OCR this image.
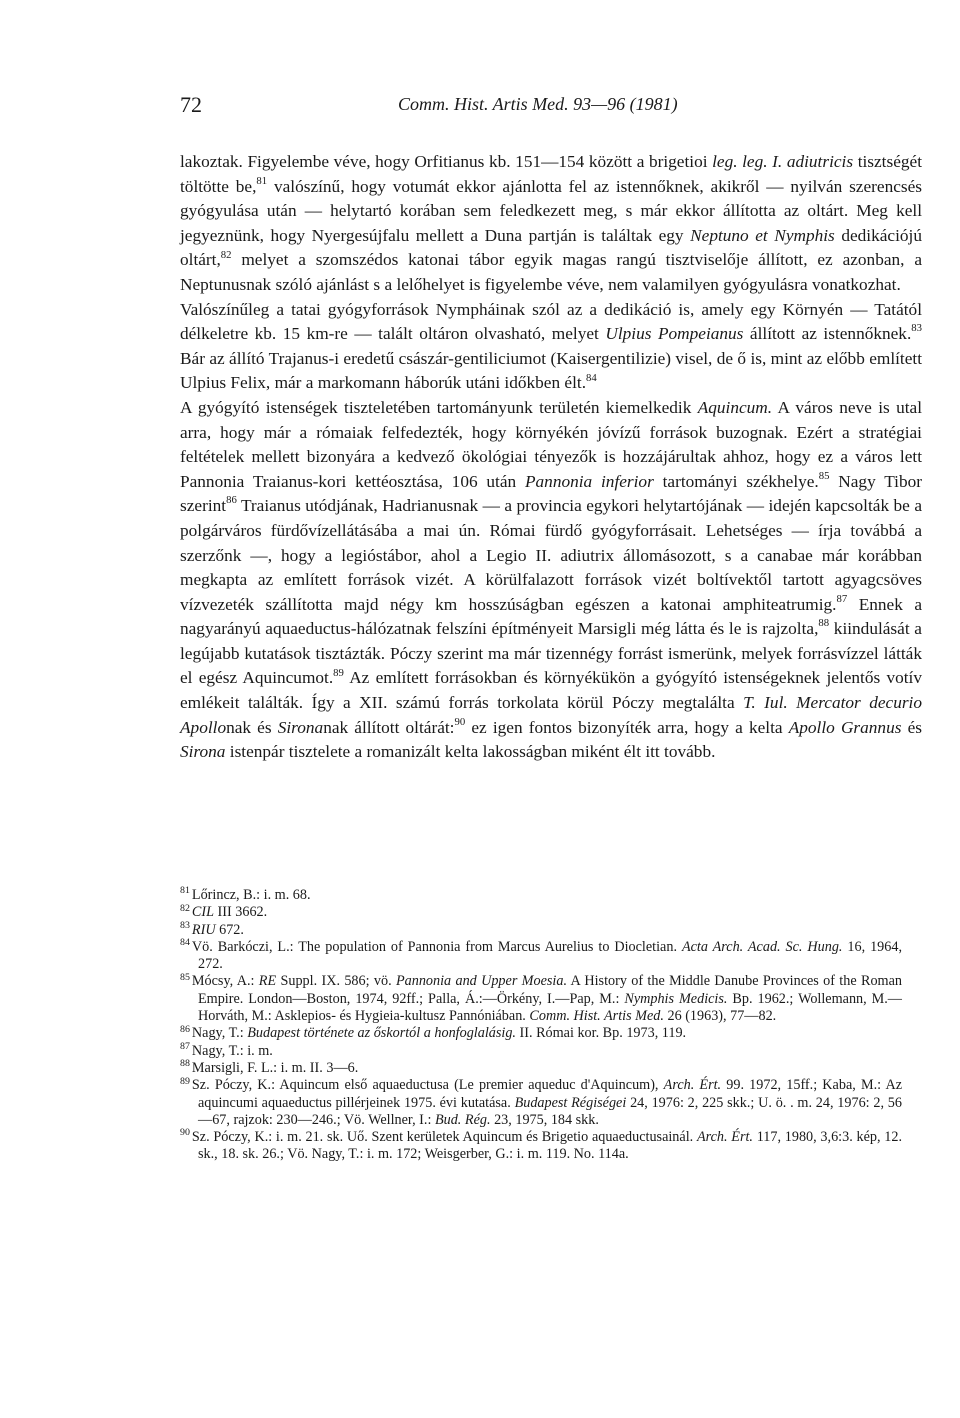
72	Comm. Hist. Artis Med. 93—96 (1981)

lakoztak. Figyelembe véve, hogy Orfitianus kb. 151—154 között a brigetioi leg. leg. I. adiutricis tisztségét töltötte be,$^{81}$ valószínű, hogy votumát ekkor ajánlotta fel az istennőknek, akikről — nyilván szerencsés gyógyulása után — helytartó korában sem feledkezett meg, s már ekkor állította az oltárt. Meg kell jegyeznünk, hogy Nyergesújfalu mellett a Duna partján is találtak egy Neptuno et Nymphis dedikációjú oltárt,$^{82}$ melyet a szomszédos katonai tábor egyik magas rangú tisztviselője állított, ez azonban, a Neptunusnak szóló ajánlást s a lelőhelyet is figyelembe véve, nem valamilyen gyógyulásra vonatkozhat.

Valószínűleg a tatai gyógyforrások Nympháinak szól az a dedikáció is, amely egy Környén — Tatától délkeletre kb. 15 km-re — talált oltáron olvasható, melyet Ulpius Pompeianus állított az istennőknek.$^{83}$ Bár az állító Trajanus-i eredetű császár-gentiliciumot (Kaisergentilizie) visel, de ő is, mint az előbb említett Ulpius Felix, már a markomann háborúk utáni időkben élt.$^{84}$

A gyógyító istenségek tiszteletében tartományunk területén kiemelkedik Aquincum. A város neve is utal arra, hogy már a rómaiak felfedezték, hogy környékén jóvízű források buzognak. Ezért a stratégiai feltételek mellett bizonyára a kedvező ökológiai tényezők is hozzájárultak ahhoz, hogy ez a város lett Pannonia Traianus-kori kettéosztása, 106 után Pannonia inferior tartományi székhelye.$^{85}$ Nagy Tibor szerint$^{86}$ Traianus utódjának, Hadrianusnak — a provincia egykori helytartójának — idején kapcsolták be a polgárváros fürdővízellátásába a mai ún. Római fürdő gyógyforrásait. Lehetséges — írja továbbá a szerzőnk —, hogy a legióstábor, ahol a Legio II. adiutrix állomásozott, s a canabae már korábban megkapta az említett források vizét. A körülfalazott források vizét boltívektől tartott agyagcsöves vízvezeték szállította majd négy km hosszúságban egészen a katonai amphiteatrumig.$^{87}$ Ennek a nagyarányú aquaeductus-hálózatnak felszíni építményeit Marsigli még látta és le is rajzolta,$^{88}$ kiindulását a legújabb kutatások tisztázták. Póczy szerint ma már tizennégy forrást ismerünk, melyek forrásvízzel látták el egész Aquincumot.$^{89}$ Az említett forrásokban és környékükön a gyógyító istenségeknek jelentős votív emlékeit találták. Így a XII. számú forrás torkolata körül Póczy megtalálta T. Iul. Mercator decurio Apollonak és Sironanak állított oltárát:$^{90}$ ez igen fontos bizonyíték arra, hogy a kelta Apollo Grannus és Sirona istenpár tisztelete a romanizált kelta lakosságban miként élt itt tovább.

$^{81}$ Lőrincz, B.: i. m. 68.
$^{82}$ CIL III 3662.
$^{83}$ RIU 672.
$^{84}$ Vö. Barkóczi, L.: The population of Pannonia from Marcus Aurelius to Diocletian. Acta Arch. Acad. Sc. Hung. 16, 1964, 272.
$^{85}$ Mócsy, A.: RE Suppl. IX. 586; vö. Pannonia and Upper Moesia. A History of the Middle Danube Provinces of the Roman Empire. London—Boston, 1974, 92ff.; Palla, Á.:—Örkény, I.—Pap, M.: Nymphis Medicis. Bp. 1962.; Wollemann, M.—Horváth, M.: Asklepios- és Hygieia-kultusz Pannóniában. Comm. Hist. Artis Med. 26 (1963), 77—82.
$^{86}$ Nagy, T.: Budapest története az őskortól a honfoglalásig. II. Római kor. Bp. 1973, 119.
$^{87}$ Nagy, T.: i. m.
$^{88}$ Marsigli, F. L.: i. m. II. 3—6.
$^{89}$ Sz. Póczy, K.: Aquincum első aquaeductusa (Le premier aqueduc d'Aquincum), Arch. Ért. 99. 1972, 15ff.; Kaba, M.: Az aquincumi aquaeductus pillérjeinek 1975. évi kutatása. Budapest Régiségei 24, 1976: 2, 225 skk.; U. ö. . m. 24, 1976: 2, 56—67, rajzok: 230—246.; Vö. Wellner, I.: Bud. Rég. 23, 1975, 184 skk.
$^{90}$ Sz. Póczy, K.: i. m. 21. sk. Uő. Szent kerületek Aquincum és Brigetio aquaeductusainál. Arch. Ért. 117, 1980, 3,6:3. kép, 12. sk., 18. sk. 26.; Vö. Nagy, T.: i. m. 172; Weisgerber, G.: i. m. 119. No. 114a.
